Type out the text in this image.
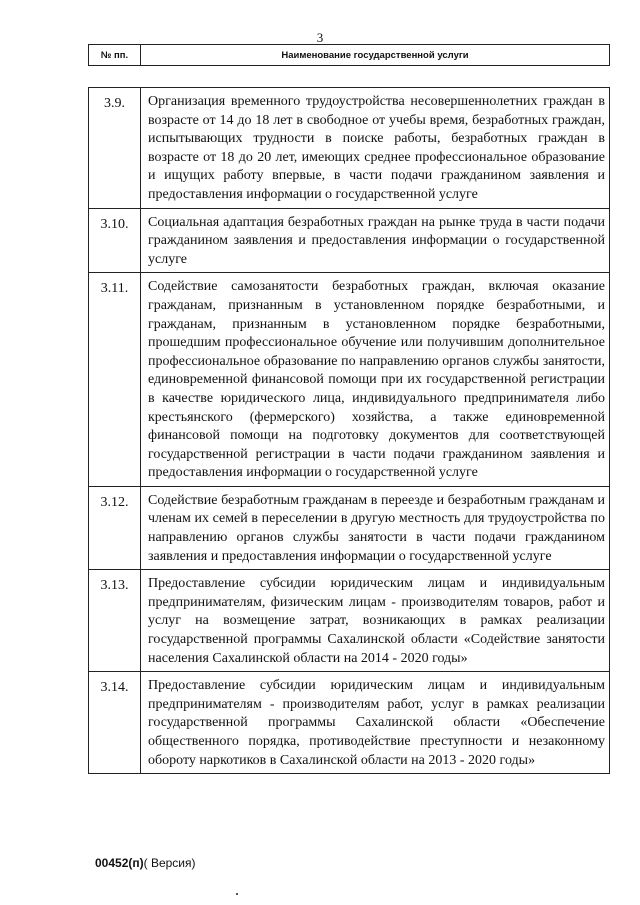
3
№ пп.	Наименование государственной услуги
3.9.	Организация временного трудоустройства несовершеннолетних граждан в возрасте от 14 до 18 лет в свободное от учебы время, безработных граждан, испытывающих трудности в поиске работы, безработных граждан в возрасте от 18 до 20 лет, имеющих среднее профессиональное образование и ищущих работу впервые, в части подачи гражданином заявления и предоставления информации о государственной услуге
3.10.	Социальная адаптация безработных граждан на рынке труда в части подачи гражданином заявления и предоставления информации о государственной услуге
3.11.	Содействие самозанятости безработных граждан, включая оказание гражданам, признанным в установленном порядке безработными, и гражданам, признанным в установленном порядке безработными, прошедшим профессиональное обучение или получившим дополнительное профессиональное образование по направлению органов службы занятости, единовременной финансовой помощи при их государственной регистрации в качестве юридического лица, индивидуального предпринимателя либо крестьянского (фермерского) хозяйства, а также единовременной финансовой помощи на подготовку документов для соответствующей государственной регистрации в части подачи гражданином заявления и предоставления информации о государственной услуге
3.12.	Содействие безработным гражданам в переезде и безработным гражданам и членам их семей в переселении в другую местность для трудоустройства по направлению органов службы занятости в части подачи гражданином заявления и предоставления информации о государственной услуге
3.13.	Предоставление субсидии юридическим лицам и индивидуальным предпринимателям, физическим лицам - производителям товаров, работ и услуг на возмещение затрат, возникающих в рамках реализации государственной программы Сахалинской области «Содействие занятости населения Сахалинской области на 2014 - 2020 годы»
3.14.	Предоставление субсидии юридическим лицам и индивидуальным предпринимателям - производителям работ, услуг в рамках реализации государственной программы Сахалинской области «Обеспечение общественного порядка, противодействие преступности и незаконному обороту наркотиков в Сахалинской области на 2013 - 2020 годы»
00452(п)( Версия)
